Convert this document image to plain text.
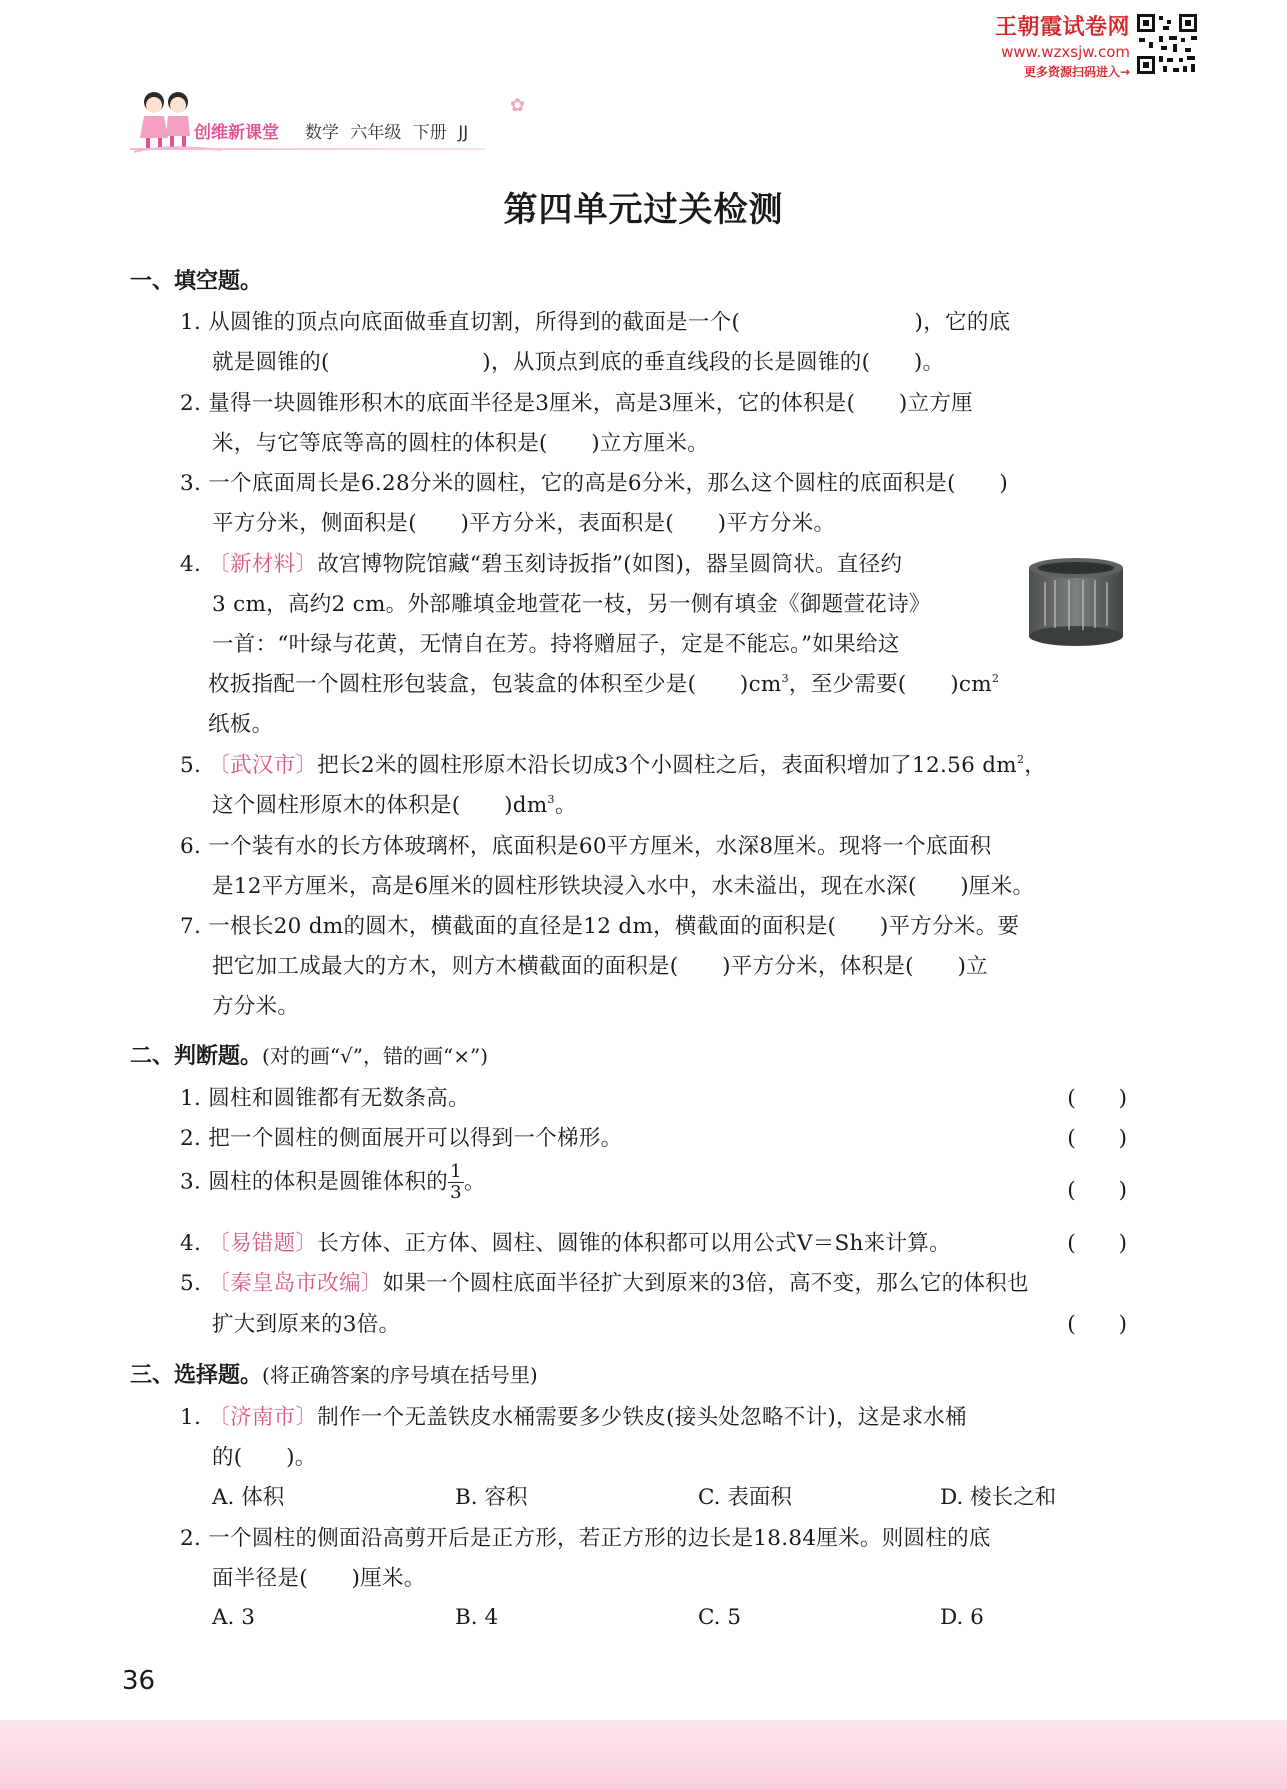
王朝霞试卷网
www.wzxsjw.com
更多资源扫码进入→
创维新课堂 数学 六年级 下册 JJ
✿
第四单元过关检测
一、填空题。
1. 从圆锥的顶点向底面做垂直切割，所得到的截面是一个(　　　　　　　　)，它的底
就是圆锥的(　　　　　　　)，从顶点到底的垂直线段的长是圆锥的(　　)。
2. 量得一块圆锥形积木的底面半径是3厘米，高是3厘米，它的体积是(　　)立方厘
米，与它等底等高的圆柱的体积是(　　)立方厘米。
3. 一个底面周长是6.28分米的圆柱，它的高是6分米，那么这个圆柱的底面积是(　　)
平方分米，侧面积是(　　)平方分米，表面积是(　　)平方分米。
4. 〔新材料〕故宫博物院馆藏“碧玉刻诗扳指”(如图)，器呈圆筒状。直径约
3 cm，高约2 cm。外部雕填金地萱花一枝，另一侧有填金《御题萱花诗》
一首：“叶绿与花黄，无情自在芳。持将赠屈子，定是不能忘。”如果给这
枚扳指配一个圆柱形包装盒，包装盒的体积至少是(　　)$cm^3$，至少需要(　　)$cm^2$
纸板。
5. 〔武汉市〕把长2米的圆柱形原木沿长切成3个小圆柱之后，表面积增加了12.56 $dm^2$，
这个圆柱形原木的体积是(　　)$dm^3$。
6. 一个装有水的长方体玻璃杯，底面积是60平方厘米，水深8厘米。现将一个底面积
是12平方厘米，高是6厘米的圆柱形铁块浸入水中，水未溢出，现在水深(　　)厘米。
7. 一根长20 dm的圆木，横截面的直径是12 dm，横截面的面积是(　　)平方分米。要
把它加工成最大的方木，则方木横截面的面积是(　　)平方分米，体积是(　　)立
方分米。
二、判断题。(对的画“√”，错的画“×”)
1. 圆柱和圆锥都有无数条高。	(　　)
2. 把一个圆柱的侧面展开可以得到一个梯形。	(　　)
3. 圆柱的体积是圆锥体积的 $\frac{1}{3}$ 。	(　　)
4. 〔易错题〕长方体、正方体、圆柱、圆锥的体积都可以用公式V＝Sh来计算。	(　　)
5. 〔秦皇岛市改编〕如果一个圆柱底面半径扩大到原来的3倍，高不变，那么它的体积也
扩大到原来的3倍。	(　　)
三、选择题。(将正确答案的序号填在括号里)
1. 〔济南市〕制作一个无盖铁皮水桶需要多少铁皮(接头处忽略不计)，这是求水桶
的(　　)。
A. 体积	B. 容积	C. 表面积	D. 棱长之和
2. 一个圆柱的侧面沿高剪开后是正方形，若正方形的边长是18.84厘米。则圆柱的底
面半径是(　　)厘米。
A. 3	B. 4	C. 5	D. 6
36
